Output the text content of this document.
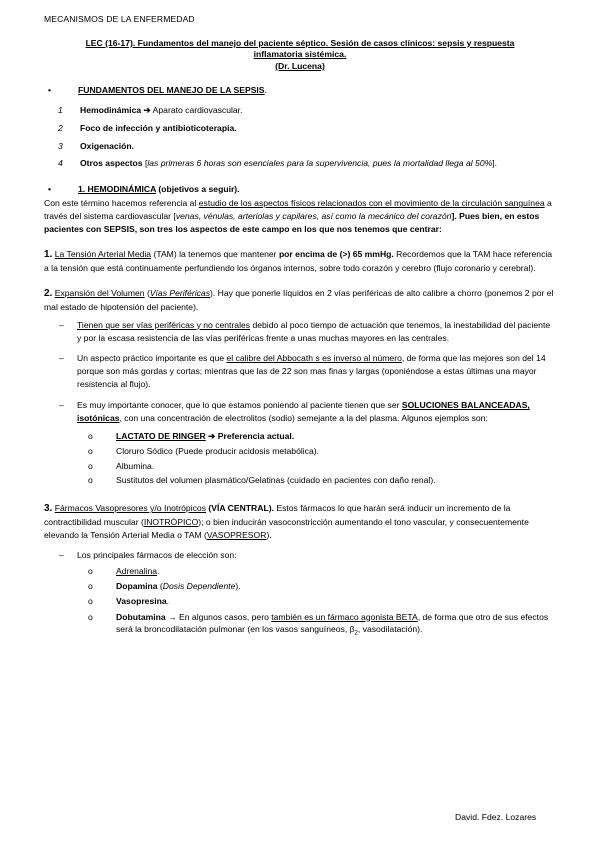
MECANISMOS DE LA ENFERMEDAD
LEC (16-17). Fundamentos del manejo del paciente séptico. Sesión de casos clínicos: sepsis y respuesta
inflamatoria sistémica.
(Dr. Lucena)

•	FUNDAMENTOS DEL MANEJO DE LA SEPSIS.

1 Hemodinámica ➔ Aparato cardiovascular.

2 Foco de infección y antibioticoterapia.

3 Oxigenación.

4 Otros aspectos [las primeras 6 horas son esenciales para la supervivencia, pues la mortalidad llega al 50%].

•	1. HEMODINÁMICA (objetivos a seguir).

Con este término hacemos referencia al estudio de los aspectos físicos relacionados con el movimiento de la circulación sanguínea a través del sistema cardiovascular [venas, vénulas, arteriolas y capilares, así como la mecánico del corazón]. Pues bien, en estos pacientes con SEPSIS, son tres los aspectos de este campo en los que nos tenemos que centrar:

1. La Tensión Arterial Media (TAM) la tenemos que mantener por encima de (>) 65 mmHg. Recordemos que la TAM hace referencia a la tensión que está continuamente perfundiendo los órganos internos, sobre todo corazón y cerebro (flujo coronario y cerebral).

2. Expansión del Volumen (Vías Periféricas). Hay que ponerle líquidos en 2 vías periféricas de alto calibre a chorro (ponemos 2 por el mal estado de hipotensión del paciente).

– Tienen que ser vías periféricas y no centrales debido al poco tiempo de actuación que tenemos, la inestabilidad del paciente y por la escasa resistencia de las vías periféricas frente a unas muchas mayores en las centrales.

– Un aspecto práctico importante es que el calibre del Abbocath s es inverso al número, de forma que las mejores son del 14 porque son más gordas y cortas; mientras que las de 22 son mas finas y largas (oponiéndose a estas últimas una mayor resistencia al flujo).

– Es muy importante conocer, que lo que estamos poniendo al paciente tienen que ser SOLUCIONES BALANCEADAS, isotónicas, con una concentración de electrolitos (sodio) semejante a la del plasma. Algunos ejemplos son:

o	LACTATO DE RINGER ➔ Preferencia actual.

o	Cloruro Sódico (Puede producir acidosis metabólica).

o	Albumina.

o	Sustitutos del volumen plasmático/Gelatinas (cuidado en pacientes con daño renal).

3. Fármacos Vasopresores y/o Inotrópicos (VÍA CENTRAL). Estos fármacos lo que harán será inducir un incremento de la contractibilidad muscular (INOTRÓPICO); o bien inducirán vasoconstricción aumentando el tono vascular, y consecuentemente elevando la Tensión Arterial Media o TAM (VASOPRESOR).

– Los principales fármacos de elección son:

o	Adrenalina.

o	Dopamina (Dosis Dependiente).

o	Vasopresina.

o	Dobutamina → En algunos casos, pero también es un fármaco agonista BETA, de forma que otro de sus efectos será la broncodilatación pulmonar (en los vasos sanguíneos, $\beta_2$, vasodilatación).

David. Fdez. Lozares
